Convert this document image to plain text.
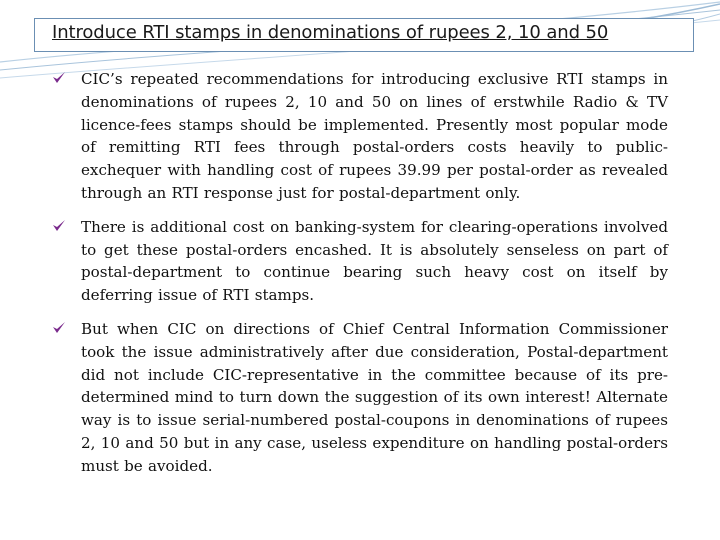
Introduce RTI stamps in denominations of rupees 2, 10 and 50
CIC’s repeated recommendations for introducing exclusive RTI stamps in denominations of rupees 2, 10 and 50 on lines of erstwhile Radio & TV licence-fees stamps should be implemented. Presently most popular mode of remitting RTI fees through postal-orders costs heavily to public-exchequer with handling cost of rupees 39.99 per postal-order as revealed through an RTI response just for postal-department only.
There is additional cost on banking-system for clearing-operations involved to get these postal-orders encashed. It is absolutely senseless on part of postal-department to continue bearing such heavy cost on itself by deferring issue of RTI stamps.
But when CIC on directions of Chief Central Information Commissioner took the issue administratively after due consideration, Postal-department did not include CIC-representative in the committee because of its pre-determined mind to turn down the suggestion of its own interest! Alternate way is to issue serial-numbered postal-coupons in denominations of rupees 2, 10 and 50 but in any case, useless expenditure on handling postal-orders must be avoided.
